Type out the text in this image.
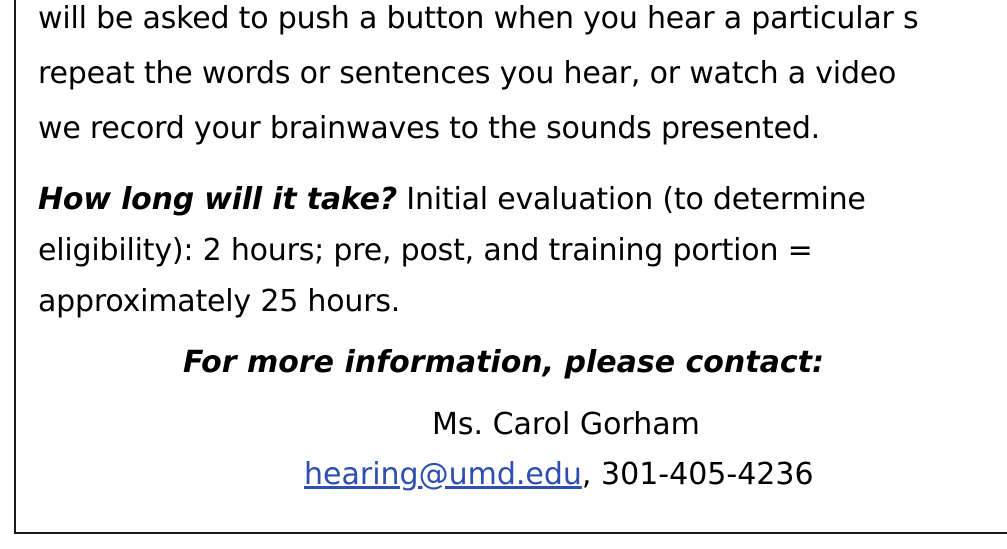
will be asked to push a button when you hear a particular s
repeat the words or sentences you hear, or watch a video
we record your brainwaves to the sounds presented.
How long will it take? Initial evaluation (to determine
eligibility): 2 hours; pre, post, and training portion =
approximately 25 hours.
For more information, please contact:
Ms. Carol Gorham
hearing@umd.edu, 301-405-4236
